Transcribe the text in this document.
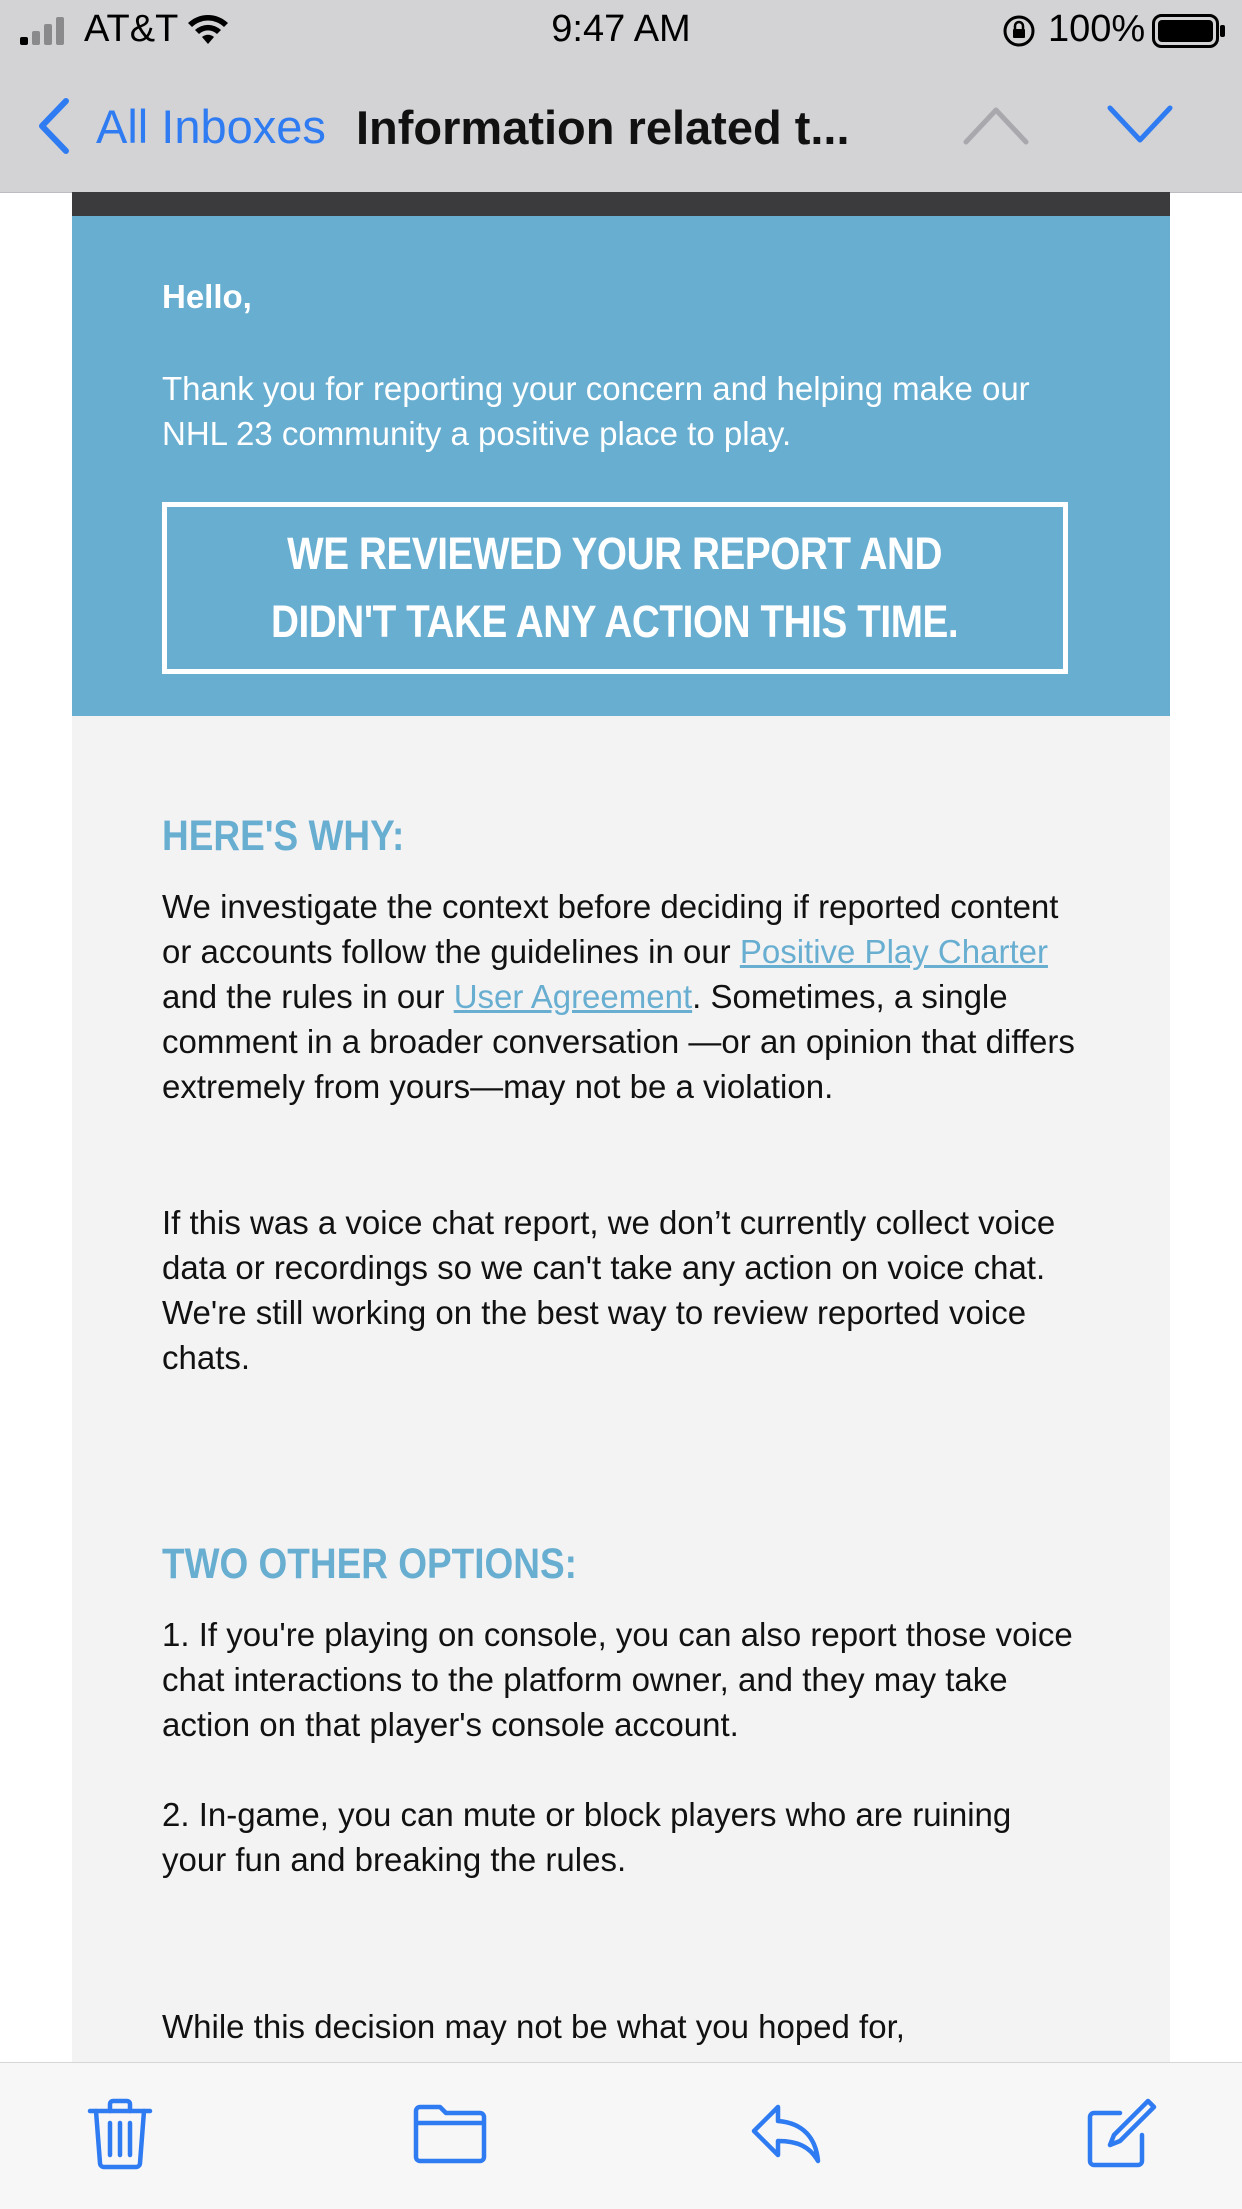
AT&T	9:47 AM	100%
All Inboxes Information related t...
Hello,
Thank you for reporting your concern and helping make our NHL 23 community a positive place to play.
WE REVIEWED YOUR REPORT AND
DIDN'T TAKE ANY ACTION THIS TIME.
HERE'S WHY:

We investigate the context before deciding if reported content or accounts follow the guidelines in our Positive Play Charter and the rules in our User Agreement. Sometimes, a single comment in a broader conversation —or an opinion that differs extremely from yours—may not be a violation.

If this was a voice chat report, we don’t currently collect voice data or recordings so we can't take any action on voice chat. We're still working on the best way to review reported voice chats.

TWO OTHER OPTIONS:

1. If you're playing on console, you can also report those voice chat interactions to the platform owner, and they may take action on that player's console account.

2. In-game, you can mute or block players who are ruining your fun and breaking the rules.

While this decision may not be what you hoped for,
